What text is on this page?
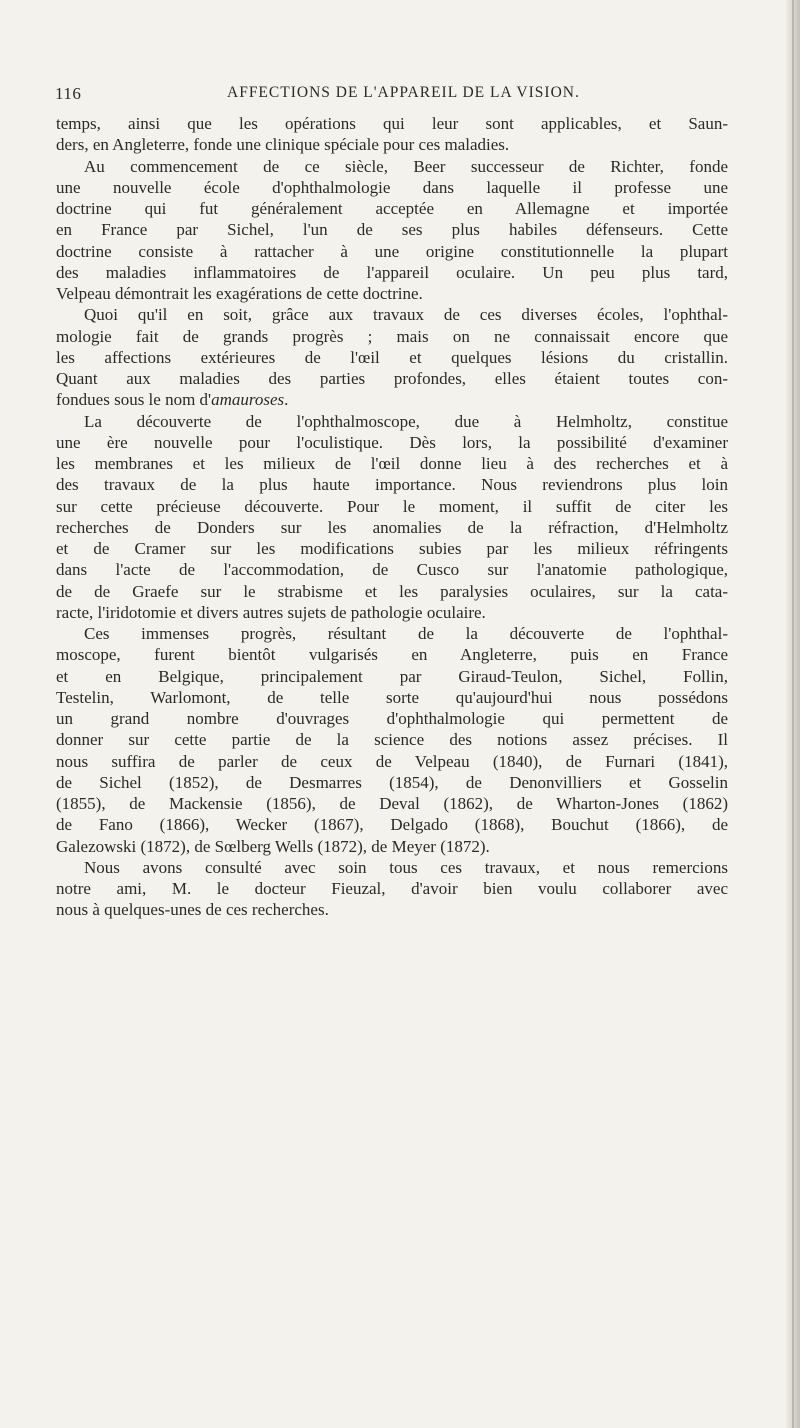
116	AFFECTIONS DE L'APPAREIL DE LA VISION.
temps, ainsi que les opérations qui leur sont applicables, et Saun-
ders, en Angleterre, fonde une clinique spéciale pour ces maladies.
Au commencement de ce siècle, Beer successeur de Richter, fonde
une nouvelle école d'ophthalmologie dans laquelle il professe une
doctrine qui fut généralement acceptée en Allemagne et importée
en France par Sichel, l'un de ses plus habiles défenseurs. Cette
doctrine consiste à rattacher à une origine constitutionnelle la plupart
des maladies inflammatoires de l'appareil oculaire. Un peu plus tard,
Velpeau démontrait les exagérations de cette doctrine.
Quoi qu'il en soit, grâce aux travaux de ces diverses écoles, l'ophthal-
mologie fait de grands progrès ; mais on ne connaissait encore que
les affections extérieures de l'œil et quelques lésions du cristallin.
Quant aux maladies des parties profondes, elles étaient toutes con-
fondues sous le nom d'amauroses.
La découverte de l'ophthalmoscope, due à Helmholtz, constitue
une ère nouvelle pour l'oculistique. Dès lors, la possibilité d'examiner
les membranes et les milieux de l'œil donne lieu à des recherches et à
des travaux de la plus haute importance. Nous reviendrons plus loin
sur cette précieuse découverte. Pour le moment, il suffit de citer les
recherches de Donders sur les anomalies de la réfraction, d'Helmholtz
et de Cramer sur les modifications subies par les milieux réfringents
dans l'acte de l'accommodation, de Cusco sur l'anatomie pathologique,
de de Graefe sur le strabisme et les paralysies oculaires, sur la cata-
racte, l'iridotomie et divers autres sujets de pathologie oculaire.
Ces immenses progrès, résultant de la découverte de l'ophthal-
moscope, furent bientôt vulgarisés en Angleterre, puis en France
et en Belgique, principalement par Giraud-Teulon, Sichel, Follin,
Testelin, Warlomont, de telle sorte qu'aujourd'hui nous possédons
un grand nombre d'ouvrages d'ophthalmologie qui permettent de
donner sur cette partie de la science des notions assez précises. Il
nous suffira de parler de ceux de Velpeau (1840), de Furnari (1841),
de Sichel (1852), de Desmarres (1854), de Denonvilliers et Gosselin
(1855), de Mackensie (1856), de Deval (1862), de Wharton-Jones (1862)
de Fano (1866), Wecker (1867), Delgado (1868), Bouchut (1866), de
Galezowski (1872), de Sœlberg Wells (1872), de Meyer (1872).
Nous avons consulté avec soin tous ces travaux, et nous remercions
notre ami, M. le docteur Fieuzal, d'avoir bien voulu collaborer avec
nous à quelques-unes de ces recherches.
